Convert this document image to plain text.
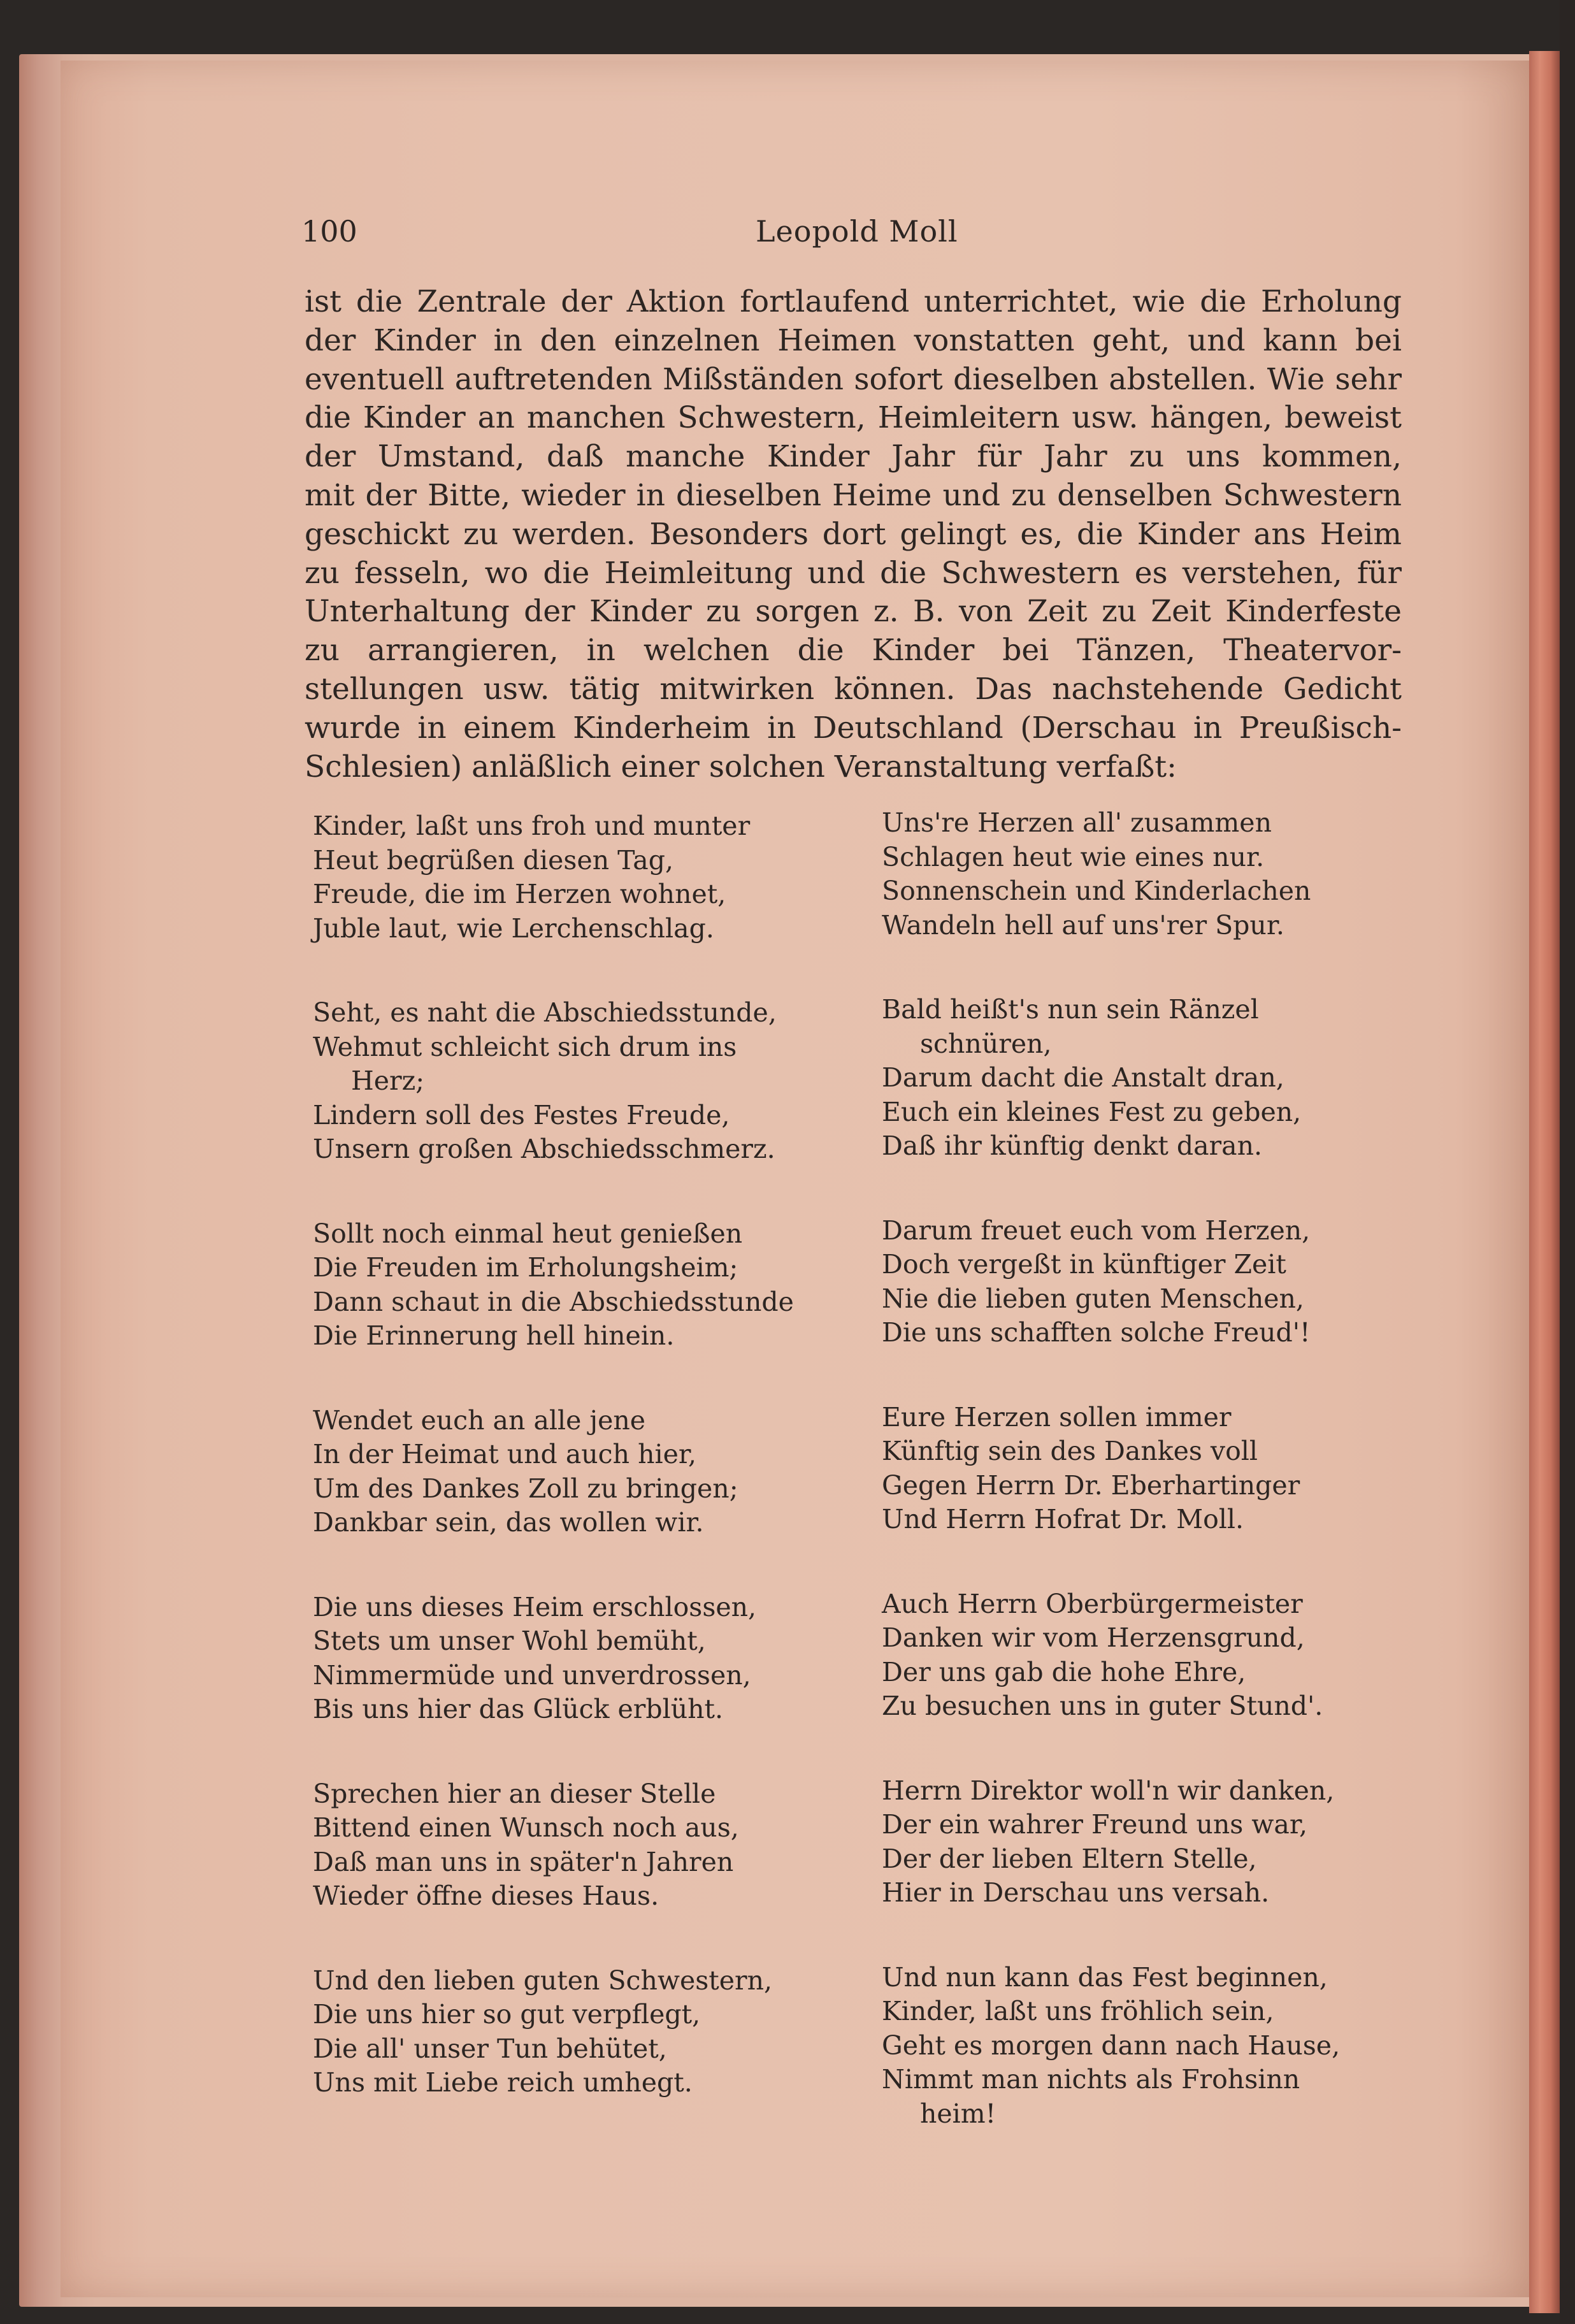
100	Leopold Moll

ist die Zentrale der Aktion fortlaufend unterrichtet, wie die Erholung
der Kinder in den einzelnen Heimen vonstatten geht, und kann bei
eventuell auftretenden Mißständen sofort dieselben abstellen. Wie sehr
die Kinder an manchen Schwestern, Heimleitern usw. hängen, beweist
der Umstand, daß manche Kinder Jahr für Jahr zu uns kommen,
mit der Bitte, wieder in dieselben Heime und zu denselben Schwestern
geschickt zu werden. Besonders dort gelingt es, die Kinder ans Heim
zu fesseln, wo die Heimleitung und die Schwestern es verstehen, für
Unterhaltung der Kinder zu sorgen z. B. von Zeit zu Zeit Kinderfeste
zu arrangieren, in welchen die Kinder bei Tänzen, Theatervor-
stellungen usw. tätig mitwirken können. Das nachstehende Gedicht
wurde in einem Kinderheim in Deutschland (Derschau in Preußisch-
Schlesien) anläßlich einer solchen Veranstaltung verfaßt:
Kinder, laßt uns froh und munter
Heut begrüßen diesen Tag,
Freude, die im Herzen wohnet,
Juble laut, wie Lerchenschlag.
Seht, es naht die Abschiedsstunde,
Wehmut schleicht sich drum ins
Herz;
Lindern soll des Festes Freude,
Unsern großen Abschiedsschmerz.
Sollt noch einmal heut genießen
Die Freuden im Erholungsheim;
Dann schaut in die Abschiedsstunde
Die Erinnerung hell hinein.
Wendet euch an alle jene
In der Heimat und auch hier,
Um des Dankes Zoll zu bringen;
Dankbar sein, das wollen wir.
Die uns dieses Heim erschlossen,
Stets um unser Wohl bemüht,
Nimmermüde und unverdrossen,
Bis uns hier das Glück erblüht.
Sprechen hier an dieser Stelle
Bittend einen Wunsch noch aus,
Daß man uns in später'n Jahren
Wieder öffne dieses Haus.
Und den lieben guten Schwestern,
Die uns hier so gut verpflegt,
Die all' unser Tun behütet,
Uns mit Liebe reich umhegt.
Uns're Herzen all' zusammen
Schlagen heut wie eines nur.
Sonnenschein und Kinderlachen
Wandeln hell auf uns'rer Spur.
Bald heißt's nun sein Ränzel
schnüren,
Darum dacht die Anstalt dran,
Euch ein kleines Fest zu geben,
Daß ihr künftig denkt daran.
Darum freuet euch vom Herzen,
Doch vergeßt in künftiger Zeit
Nie die lieben guten Menschen,
Die uns schafften solche Freud'!
Eure Herzen sollen immer
Künftig sein des Dankes voll
Gegen Herrn Dr. Eberhartinger
Und Herrn Hofrat Dr. Moll.
Auch Herrn Oberbürgermeister
Danken wir vom Herzensgrund,
Der uns gab die hohe Ehre,
Zu besuchen uns in guter Stund'.
Herrn Direktor woll'n wir danken,
Der ein wahrer Freund uns war,
Der der lieben Eltern Stelle,
Hier in Derschau uns versah.
Und nun kann das Fest beginnen,
Kinder, laßt uns fröhlich sein,
Geht es morgen dann nach Hause,
Nimmt man nichts als Frohsinn
heim!
